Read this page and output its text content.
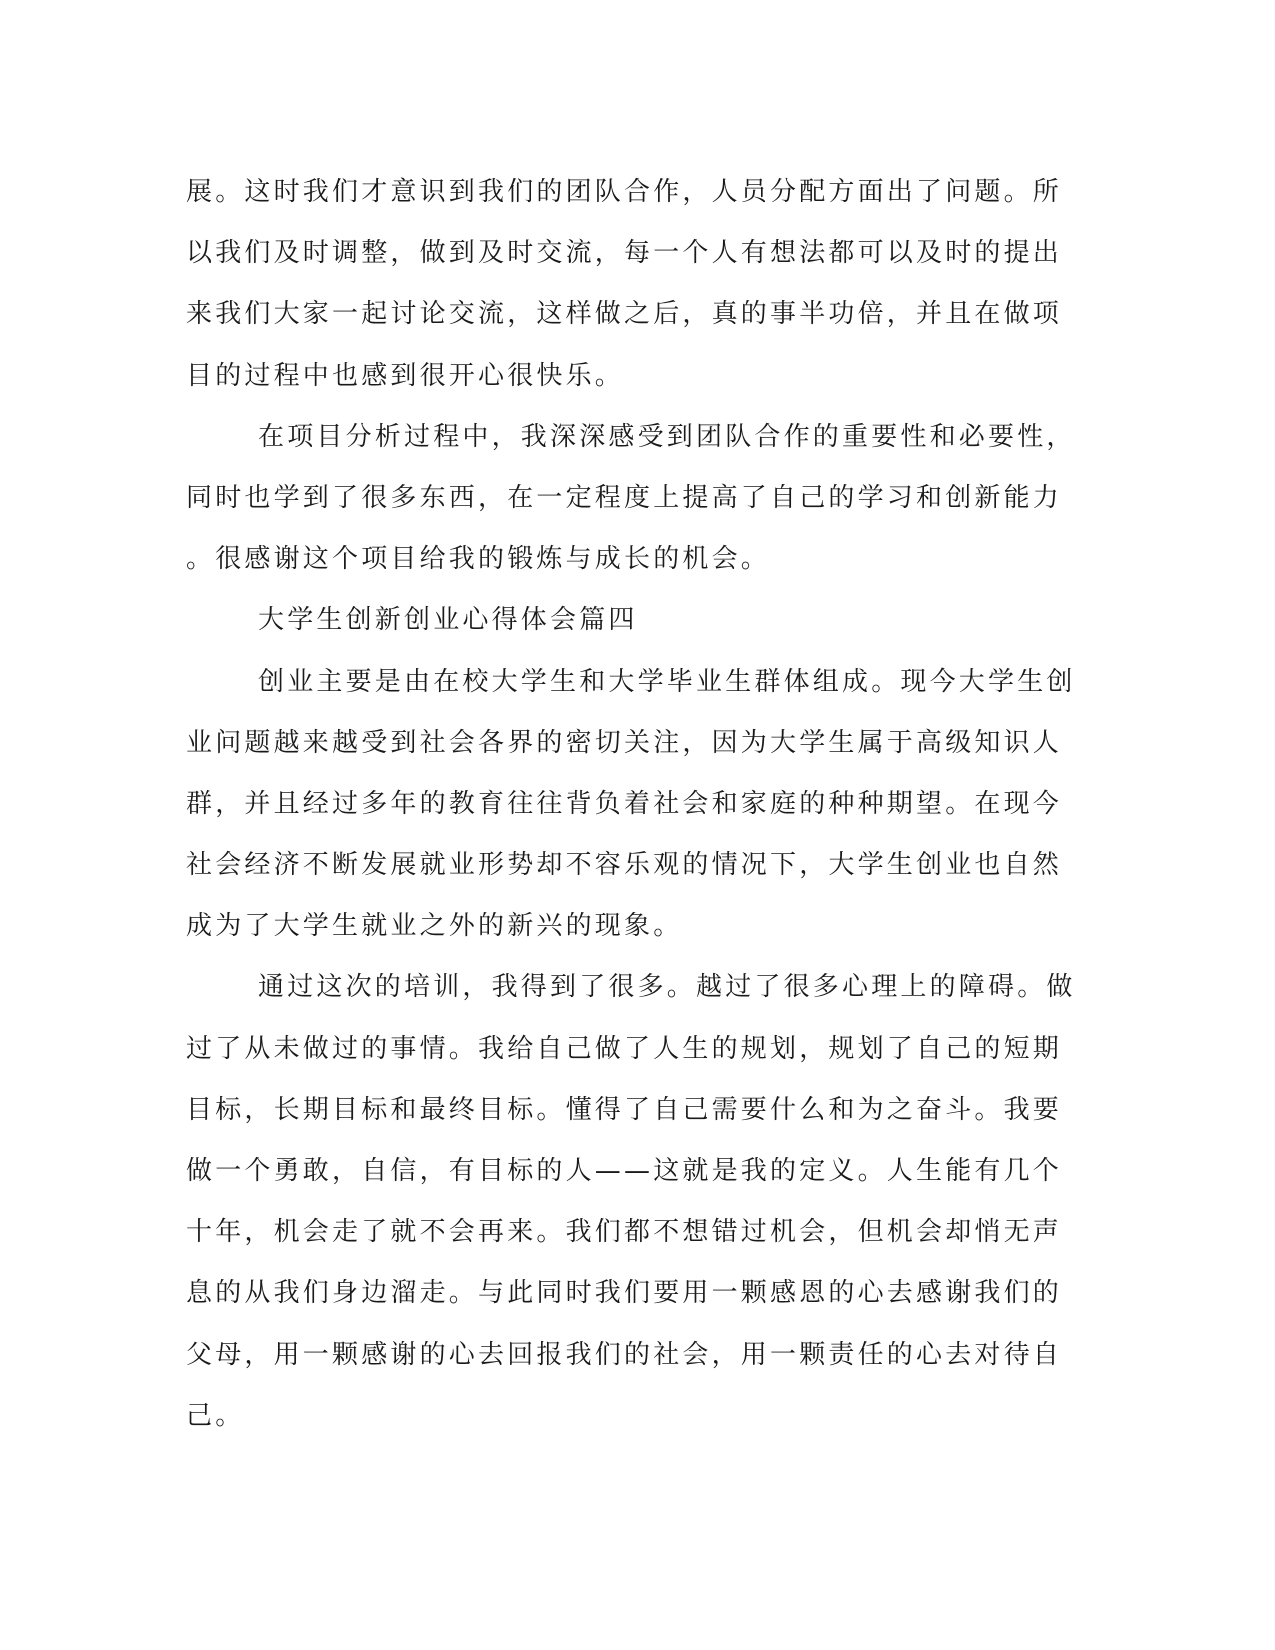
展。这时我们才意识到我们的团队合作，人员分配方面出了问题。所
以我们及时调整，做到及时交流，每一个人有想法都可以及时的提出
来我们大家一起讨论交流，这样做之后，真的事半功倍，并且在做项
目的过程中也感到很开心很快乐。
在项目分析过程中，我深深感受到团队合作的重要性和必要性，
同时也学到了很多东西，在一定程度上提高了自己的学习和创新能力
。很感谢这个项目给我的锻炼与成长的机会。
大学生创新创业心得体会篇四
创业主要是由在校大学生和大学毕业生群体组成。现今大学生创
业问题越来越受到社会各界的密切关注，因为大学生属于高级知识人
群，并且经过多年的教育往往背负着社会和家庭的种种期望。在现今
社会经济不断发展就业形势却不容乐观的情况下，大学生创业也自然
成为了大学生就业之外的新兴的现象。
通过这次的培训，我得到了很多。越过了很多心理上的障碍。做
过了从未做过的事情。我给自己做了人生的规划，规划了自己的短期
目标，长期目标和最终目标。懂得了自己需要什么和为之奋斗。我要
做一个勇敢，自信，有目标的人——这就是我的定义。人生能有几个
十年，机会走了就不会再来。我们都不想错过机会，但机会却悄无声
息的从我们身边溜走。与此同时我们要用一颗感恩的心去感谢我们的
父母，用一颗感谢的心去回报我们的社会，用一颗责任的心去对待自
己。
